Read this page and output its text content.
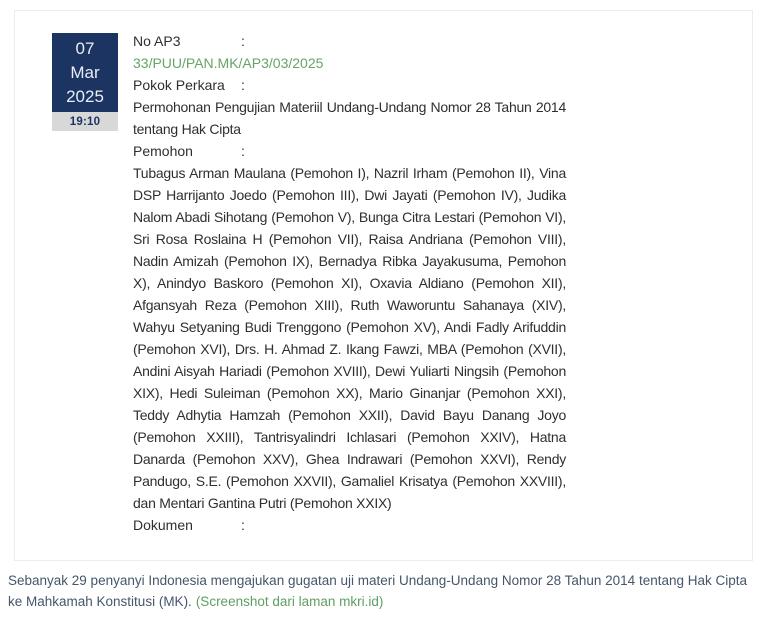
07
Mar
2025
19:10
No AP3	:
33/PUU/PAN.MK/AP3/03/2025
Pokok Perkara :
Permohonan Pengujian Materiil Undang-Undang Nomor 28 Tahun 2014 tentang Hak Cipta
Pemohon	:
Tubagus Arman Maulana (Pemohon I), Nazril Irham (Pemohon II), Vina DSP Harrijanto Joedo (Pemohon III), Dwi Jayati (Pemohon IV), Judika Nalom Abadi Sihotang (Pemohon V), Bunga Citra Lestari (Pemohon VI), Sri Rosa Roslaina H (Pemohon VII), Raisa Andriana (Pemohon VIII), Nadin Amizah (Pemohon IX), Bernadya Ribka Jayakusuma, Pemohon X), Anindyo Baskoro (Pemohon XI), Oxavia Aldiano (Pemohon XII), Afgansyah Reza (Pemohon XIII), Ruth Waworuntu Sahanaya (XIV), Wahyu Setyaning Budi Trenggono (Pemohon XV), Andi Fadly Arifuddin (Pemohon XVI), Drs. H. Ahmad Z. Ikang Fawzi, MBA (Pemohon (XVII), Andini Aisyah Hariadi (Pemohon XVIII), Dewi Yuliarti Ningsih (Pemohon XIX), Hedi Suleiman (Pemohon XX), Mario Ginanjar (Pemohon XXI), Teddy Adhytia Hamzah (Pemohon XXII), David Bayu Danang Joyo (Pemohon XXIII), Tantrisyalindri Ichlasari (Pemohon XXIV), Hatna Danarda (Pemohon XXV), Ghea Indrawari (Pemohon XXVI), Rendy Pandugo, S.E. (Pemohon XXVII), Gamaliel Krisatya (Pemohon XXVIII), dan Mentari Gantina Putri (Pemohon XXIX)
Dokumen	:
Sebanyak 29 penyanyi Indonesia mengajukan gugatan uji materi Undang-Undang Nomor 28 Tahun 2014 tentang Hak Cipta ke Mahkamah Konstitusi (MK). (Screenshot dari laman mkri.id)
